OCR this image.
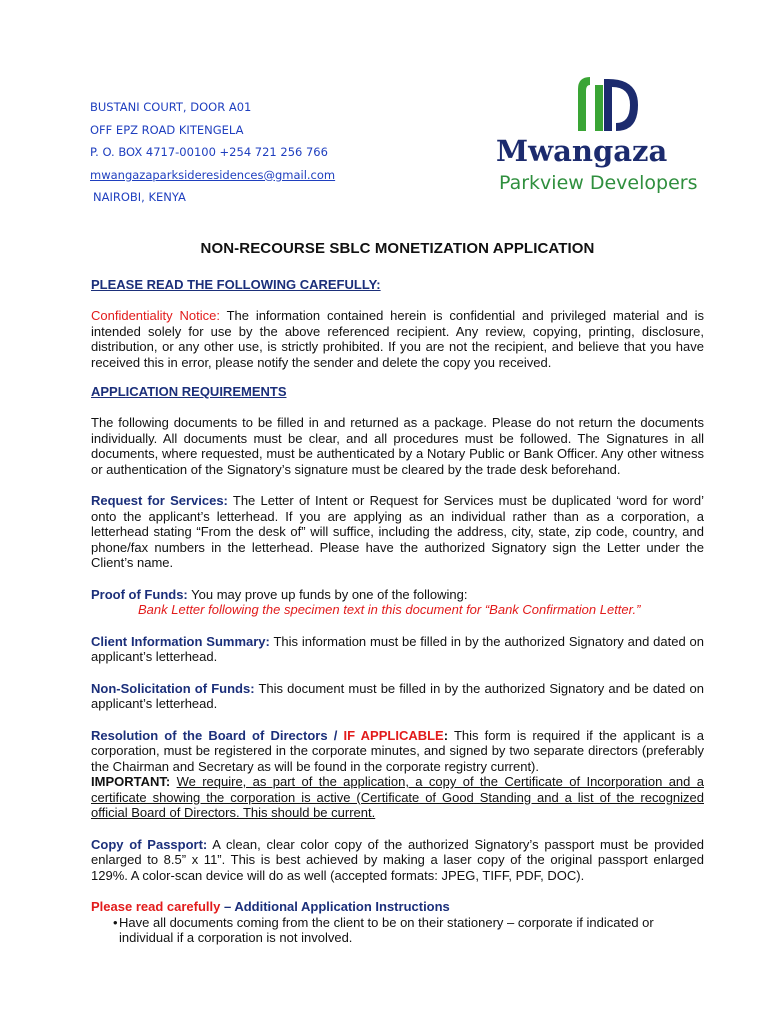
BUSTANI COURT, DOOR A01
OFF EPZ ROAD KITENGELA
P. O. BOX 4717-00100 +254 721 256 766
mwangazaparksideresidences@gmail.com
NAIROBI, KENYA
Mwangaza
Parkview Developers
NON-RECOURSE SBLC MONETIZATION APPLICATION
PLEASE READ THE FOLLOWING CAREFULLY:

Confidentiality Notice: The information contained herein is confidential and privileged material and is intended solely for use by the above referenced recipient. Any review, copying, printing, disclosure, distribution, or any other use, is strictly prohibited. If you are not the recipient, and believe that you have received this in error, please notify the sender and delete the copy you received.

APPLICATION REQUIREMENTS

The following documents to be filled in and returned as a package. Please do not return the documents individually. All documents must be clear, and all procedures must be followed. The Signatures in all documents, where requested, must be authenticated by a Notary Public or Bank Officer. Any other witness or authentication of the Signatory’s signature must be cleared by the trade desk beforehand.

Request for Services: The Letter of Intent or Request for Services must be duplicated ‘word for word’ onto the applicant’s letterhead. If you are applying as an individual rather than as a corporation, a letterhead stating “From the desk of” will suffice, including the address, city, state, zip code, country, and phone/fax numbers in the letterhead. Please have the authorized Signatory sign the Letter under the Client’s name.

Proof of Funds: You may prove up funds by one of the following:

Bank Letter following the specimen text in this document for “Bank Confirmation Letter.”

Client Information Summary: This information must be filled in by the authorized Signatory and dated on applicant’s letterhead.

Non-Solicitation of Funds: This document must be filled in by the authorized Signatory and be dated on applicant’s letterhead.

Resolution of the Board of Directors / IF APPLICABLE: This form is required if the applicant is a corporation, must be registered in the corporate minutes, and signed by two separate directors (preferably the Chairman and Secretary as will be found in the corporate registry current).
IMPORTANT: We require, as part of the application, a copy of the Certificate of Incorporation and a certificate showing the corporation is active (Certificate of Good Standing and a list of the recognized official Board of Directors. This should be current.

Copy of Passport: A clean, clear color copy of the authorized Signatory’s passport must be provided enlarged to 8.5” x 11”. This is best achieved by making a laser copy of the original passport enlarged 129%. A color-scan device will do as well (accepted formats: JPEG, TIFF, PDF, DOC).

Please read carefully – Additional Application Instructions

• Have all documents coming from the client to be on their stationery – corporate if indicated or individual if a corporation is not involved.
